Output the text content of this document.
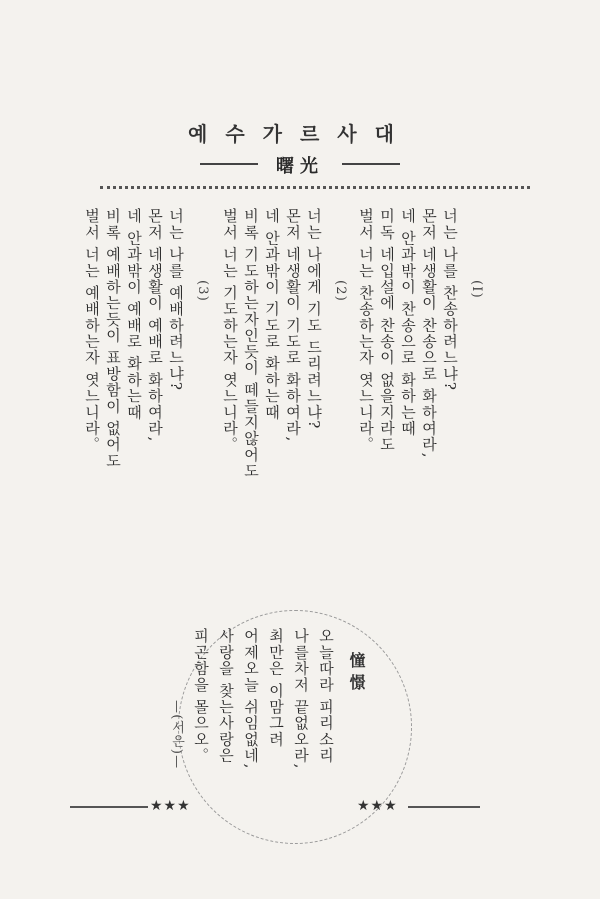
예수가르사대
曙光
(I)
너는 나를 찬송하려느냐?
몬저 네생활이 찬송으로 화하여라,
네 안과밖이 찬송으로 화하는때
미독 네입설에 찬송이 없을지라도
벌서 너는 찬송하는자 엿느니라。
(2)
너는 나에게 기도 드리려느냐?
몬저 네생활이 기도로 화하여라,
네 안과밖이 기도로 화하는때
비록 기도하는자인듯이 떼들지않어도
벌서 너는 기도하는자 엿느니라。
(3)
너는 나를 예배하려느냐?
몬저 네생활이 예배로 화하여라,
네 안과밖이 예배로 화하는때
비록 예배하는듯이 표방함이 없어도
벌서 너는 예배하는자 엿느니라。
憧憬
오늘따라 피리소리
나를차저 끝없오라,
최만은 이맘그려
어제오늘 쉬임없네,
사랑을 찾는사랑은
피곤함을 몰으오。
—(서은)—
★★★	★★★
